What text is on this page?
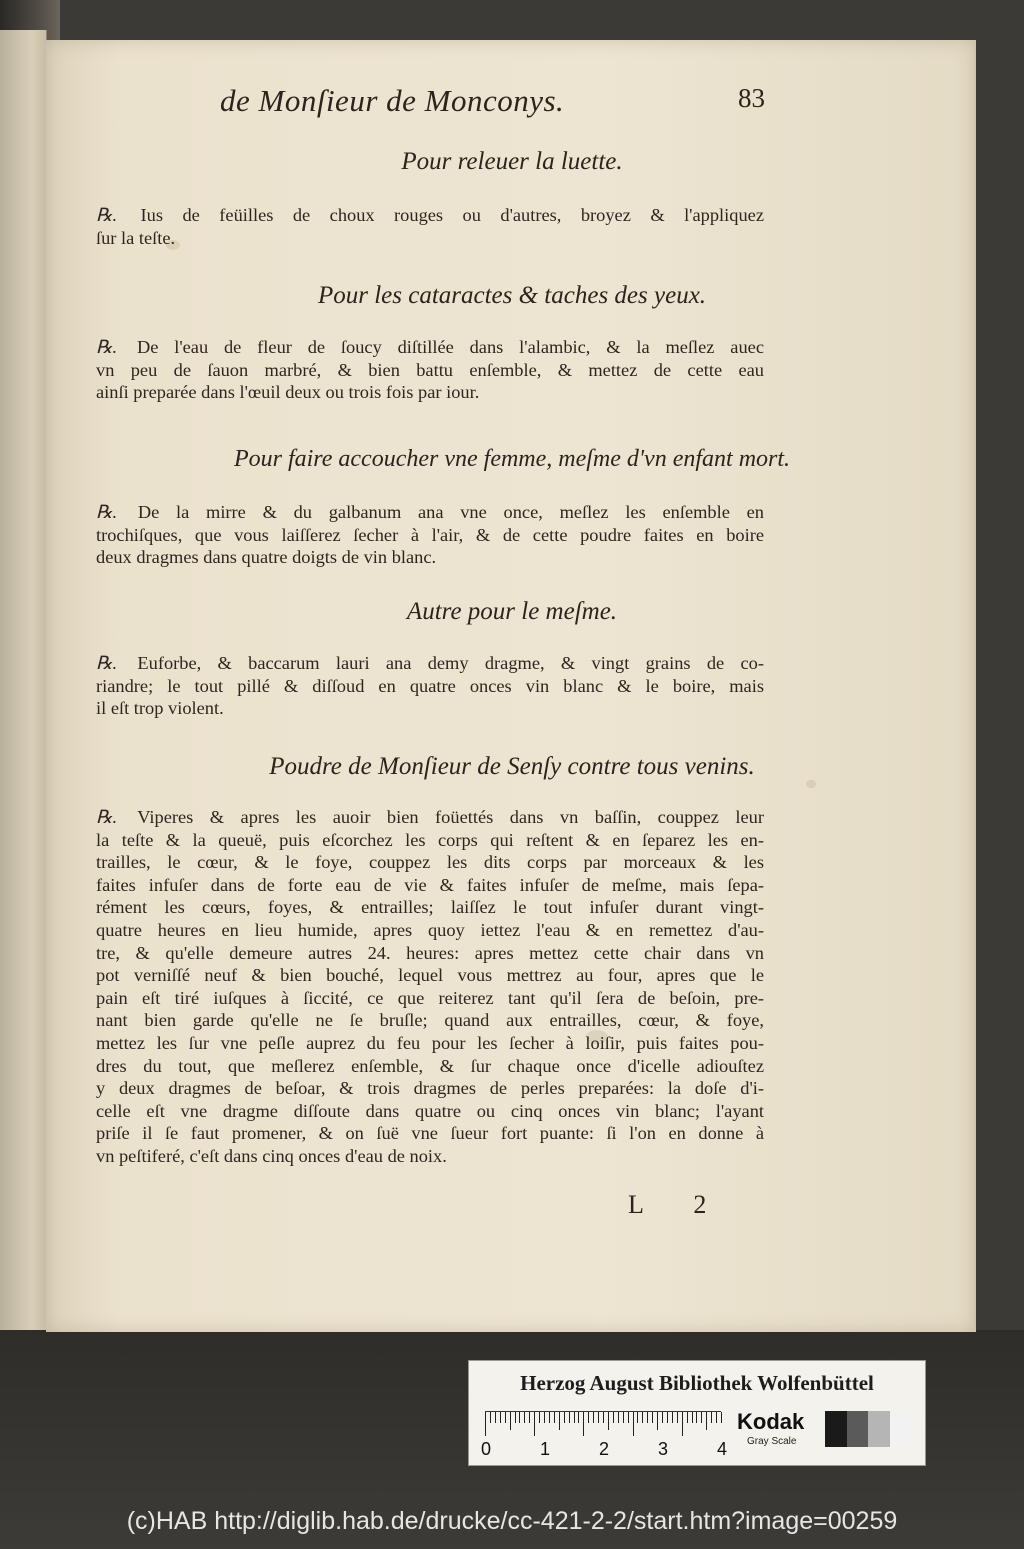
de Monſieur de Monconys.	83
Pour releuer la luette.
℞. Ius de feüilles de choux rouges ou d'autres, broyez & l'appliquez
ſur la teſte.
Pour les cataractes & taches des yeux.
℞. De l'eau de fleur de ſoucy diſtillée dans l'alambic, & la meſlez auec
vn peu de ſauon marbré, & bien battu enſemble, & mettez de cette eau
ainſi preparée dans l'œuil deux ou trois fois par iour.
Pour faire accoucher vne femme, meſme d'vn enfant mort.
℞. De la mirre & du galbanum ana vne once, meſlez les enſemble en
trochiſques, que vous laiſſerez ſecher à l'air, & de cette poudre faites en boire
deux dragmes dans quatre doigts de vin blanc.
Autre pour le meſme.
℞. Euforbe, & baccarum lauri ana demy dragme, & vingt grains de co-
riandre; le tout pillé & diſſoud en quatre onces vin blanc & le boire, mais
il eſt trop violent.
Poudre de Monſieur de Senſy contre tous venins.
℞. Viperes & apres les auoir bien foüettés dans vn baſſin, couppez leur
la teſte & la queuë, puis eſcorchez les corps qui reſtent & en ſeparez les en-
trailles, le cœur, & le foye, couppez les dits corps par morceaux & les
faites infuſer dans de forte eau de vie & faites infuſer de meſme, mais ſepa-
rément les cœurs, foyes, & entrailles; laiſſez le tout infuſer durant vingt-
quatre heures en lieu humide, apres quoy iettez l'eau & en remettez d'au-
tre, & qu'elle demeure autres 24. heures: apres mettez cette chair dans vn
pot verniſſé neuf & bien bouché, lequel vous mettrez au four, apres que le
pain eſt tiré iuſques à ſiccité, ce que reiterez tant qu'il ſera de beſoin, pre-
nant bien garde qu'elle ne ſe bruſle; quand aux entrailles, cœur, & foye,
mettez les ſur vne peſle auprez du feu pour les ſecher à loiſir, puis faites pou-
dres du tout, que meſlerez enſemble, & ſur chaque once d'icelle adiouſtez
y deux dragmes de beſoar, & trois dragmes de perles preparées: la doſe d'i-
celle eſt vne dragme diſſoute dans quatre ou cinq onces vin blanc; l'ayant
priſe il ſe faut promener, & on ſuë vne ſueur fort puante: ſi l'on en donne à
vn peſtiferé, c'eſt dans cinq onces d'eau de noix.
L 2
Herzog August Bibliothek Wolfenbüttel
0	1	2	3	4
Kodak
Gray Scale
(c)HAB http://diglib.hab.de/drucke/cc-421-2-2/start.htm?image=00259
